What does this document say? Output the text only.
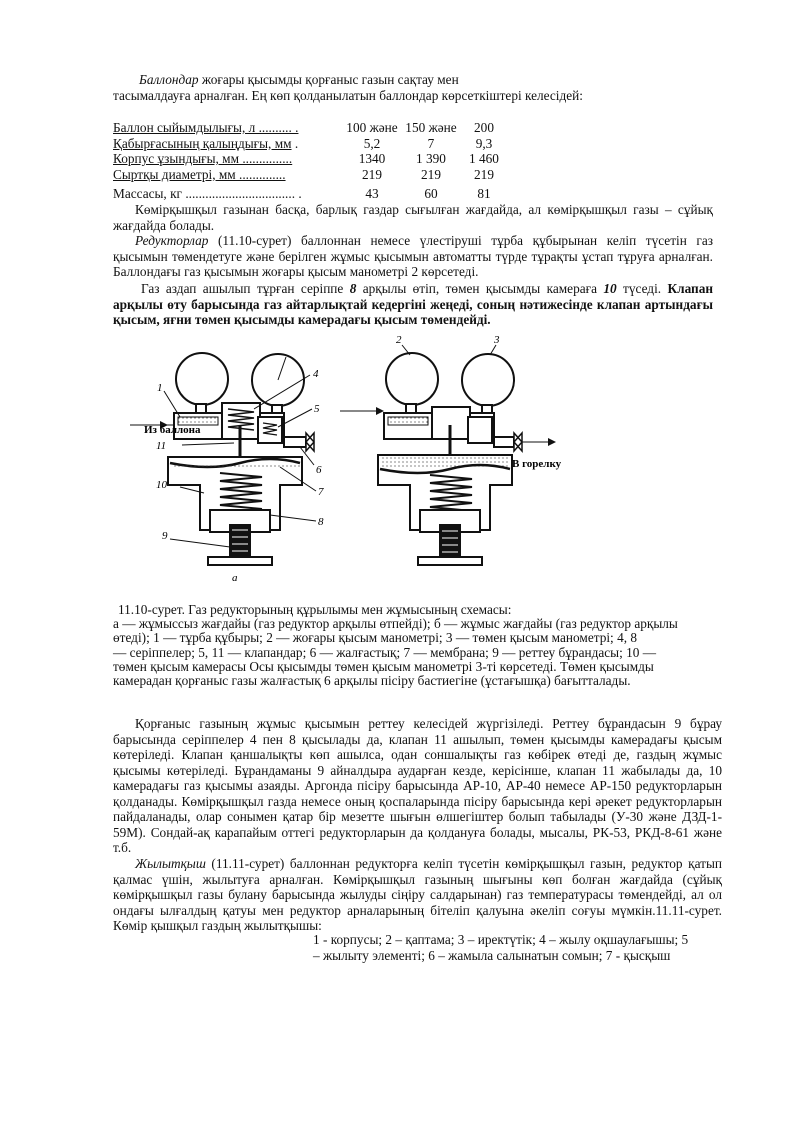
Баллондар жоғары қысымды қорғаныс газын сақтау мен

тасымалдауға арналған. Ең көп қолданылатын баллондар көрсеткіштері келесідей:

Баллон сыйымдылығы, л .......... .	100 және	150 және	200
Қабырғасының қалыңдығы, мм .	5,2	7	9,3
Корпус ұзындығы, мм ...............	1340	1 390	1 460
Сыртқы диаметрі, мм ..............	219	219	219
Массасы, кг ................................. .	43	60	81

Көмірқышқыл газынан басқа, барлық газдар сығылған жағдайда, ал көмірқышқыл газы – сұйық жағдайда болады.

Редукторлар (11.10-сурет) баллоннан немесе үлестіруші тұрба құбырынан келіп түсетін газ қысымын төмендетуге және берілген жұмыс қысымын автоматты түрде тұрақты ұстап тұруға арналған. Баллондағы газ қысымын жоғары қысым манометрі 2 көрсетеді.

Газ аздап ашылып тұрған серіппе 8 арқылы өтіп, төмен қысымды камераға 10 түседі. Клапан арқылы өту барысында газ айтарлықтай кедергіні жеңеді, соның нәтижесінде клапан артындағы қысым, яғни төмен қысымды камерадағы қысым төмендейді.

1
4
5
11
6
10
7
8
9
Из баллона
а
2	3
В горелку
11.10-сурет. Газ редукторының құрылымы мен жұмысының схемасы:
а — жұмыссыз жағдайы (газ редуктор арқылы өтпейді); б — жұмыс жағдайы (газ редуктор арқылы
өтеді); 1 — тұрба құбыры; 2 — жоғары қысым манометрі; 3 — төмен қысым манометрі; 4, 8
— серіппелер; 5, 11 — клапандар; 6 — жалғастық; 7 — мембрана; 9 — реттеу бұрандасы; 10 —
төмен қысым камерасы Осы қысымды төмен қысым манометрі 3-ті көрсетеді. Төмен қысымды
камерадан қорғаныс газы жалғастық 6 арқылы пісіру бастиегіне (ұстағышқа) бағытталады.

Қорғаныс газының жұмыс қысымын реттеу келесідей жүргізіледі. Реттеу бұрандасын 9 бұрау барысында серіппелер 4 пен 8 қысылады да, клапан 11 ашылып, төмен қысымды камерадағы қысым көтеріледі. Клапан қаншалықты көп ашылса, одан соншалықты газ көбірек өтеді де, газдың жұмыс қысымы көтеріледі. Бұрандаманы 9 айналдыра аударған кезде, керісінше, клапан 11 жабылады да, 10 камерадағы газ қысымы азаяды. Аргонда пісіру барысында АР-10, АР-40 немесе АР-150 редукторларын қолданады. Көмірқышқыл газда немесе оның қоспаларында пісіру барысында кері әрекет редукторларын пайдаланады, олар сонымен қатар бір мезетте шығын өлшегіштер болып табылады (У-30 және ДЗД-1-59М). Сондай-ақ карапайым оттегі редукторларын да қолдануға болады, мысалы, РК-53, РКД-8-61 және т.б.

Жылытқыш (11.11-сурет) баллоннан редукторға келіп түсетін көмірқышқыл газын, редуктор қатып қалмас үшін, жылытуға арналған. Көмірқышқыл газының шығыны көп болған жағдайда (сұйық көмірқышқыл газы булану барысында жылуды сіңіру салдарынан) газ температурасы төмендейді, ал ол ондағы ылғалдың қатуы мен редуктор арналарының бітеліп қалуына әкеліп соғуы мүмкін.11.11-сурет. Көмір қышқыл газдың жылытқышы:

1 - корпусы; 2 – қаптама; 3 – иректүтік; 4 – жылу оқшаулағышы; 5
– жылыту элементі; 6 – жамыла салынатын сомын; 7 - қысқыш
